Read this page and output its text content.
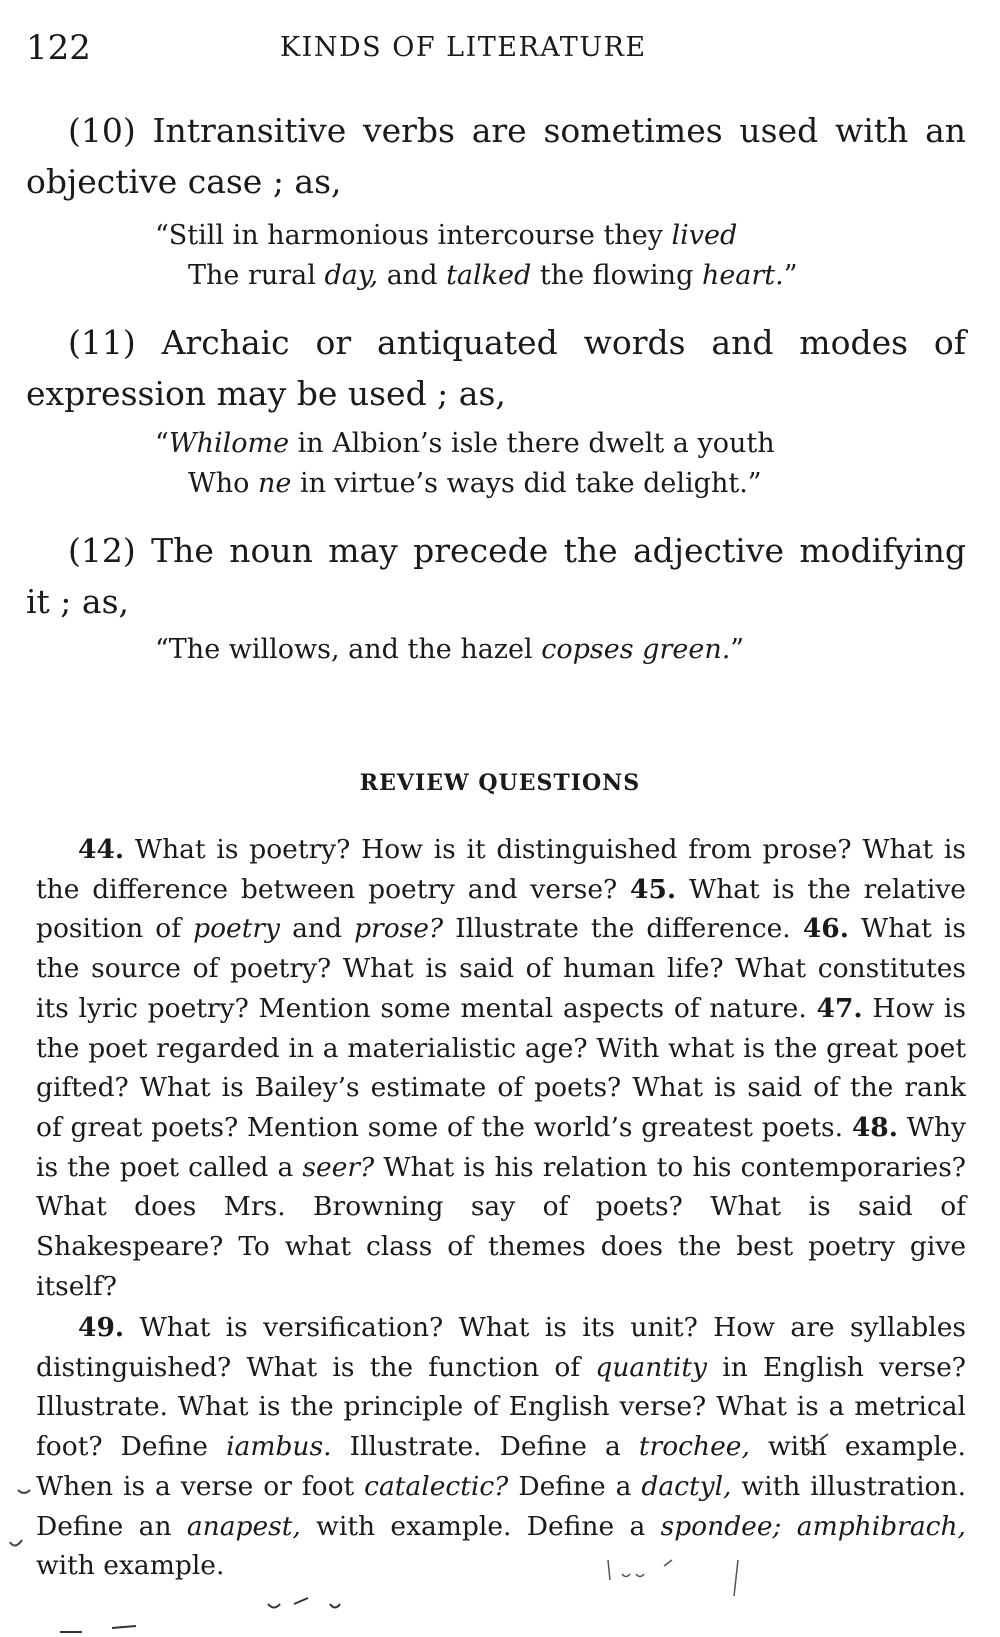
122	KINDS OF LITERATURE

(10) Intransitive verbs are sometimes used with an
objective case ; as,

“Still in harmonious intercourse they lived
The rural day, and talked the flowing heart.”

(11) Archaic or antiquated words and modes of
expression may be used ; as,

“Whilome in Albion’s isle there dwelt a youth
Who ne in virtue’s ways did take delight.”

(12) The noun may precede the adjective modifying
it ; as,

“The willows, and the hazel copses green.”

REVIEW QUESTIONS

44. What is poetry? How is it distinguished from prose? What is the difference between poetry and verse? 45. What is the relative position of poetry and prose? Illustrate the difference. 46. What is the source of poetry? What is said of human life? What constitutes its lyric poetry? Mention some mental aspects of nature. 47. How is the poet regarded in a materialistic age? With what is the great poet gifted? What is Bailey’s estimate of poets? What is said of the rank of great poets? Mention some of the world’s greatest poets. 48. Why is the poet called a seer? What is his relation to his contemporaries? What does Mrs. Browning say of poets? What is said of Shakespeare? To what class of themes does the best poetry give itself?

49. What is versification? What is its unit? How are syllables distinguished? What is the function of quantity in English verse? Illustrate. What is the principle of English verse? What is a metrical foot? Define iambus. Illustrate. Define a trochee, with example. When is a verse or foot catalectic? Define a dactyl, with illustration. Define an anapest, with example. Define a spondee; amphibrach, with example.
